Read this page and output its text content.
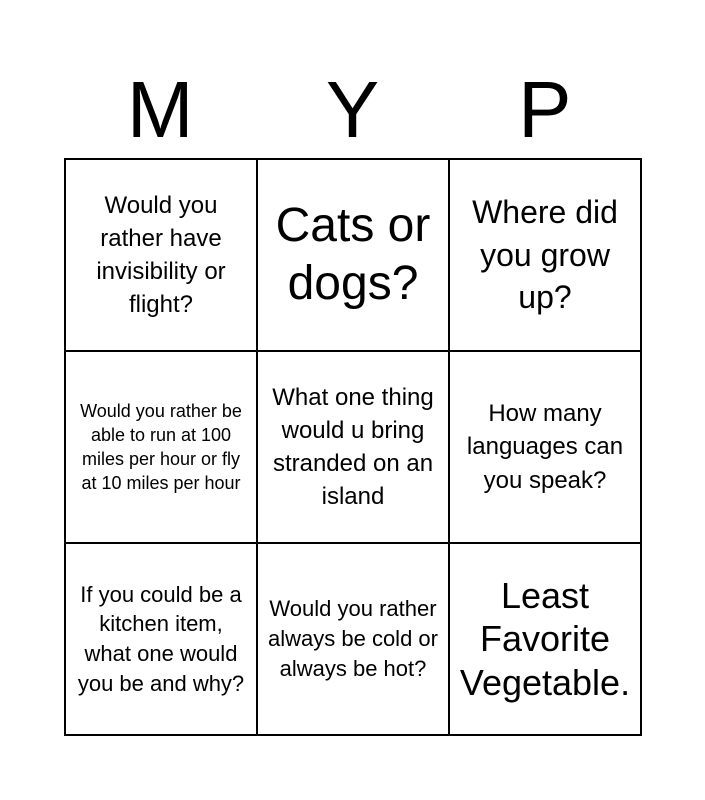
M	Y	P
Would you rather have invisibility or flight?
Cats or dogs?
Where did you grow up?
Would you rather be able to run at 100 miles per hour or fly at 10 miles per hour
What one thing would u bring stranded on an island
How many languages can you speak?
If you could be a kitchen item, what one would you be and why?
Would you rather always be cold or always be hot?
Least Favorite Vegetable.
